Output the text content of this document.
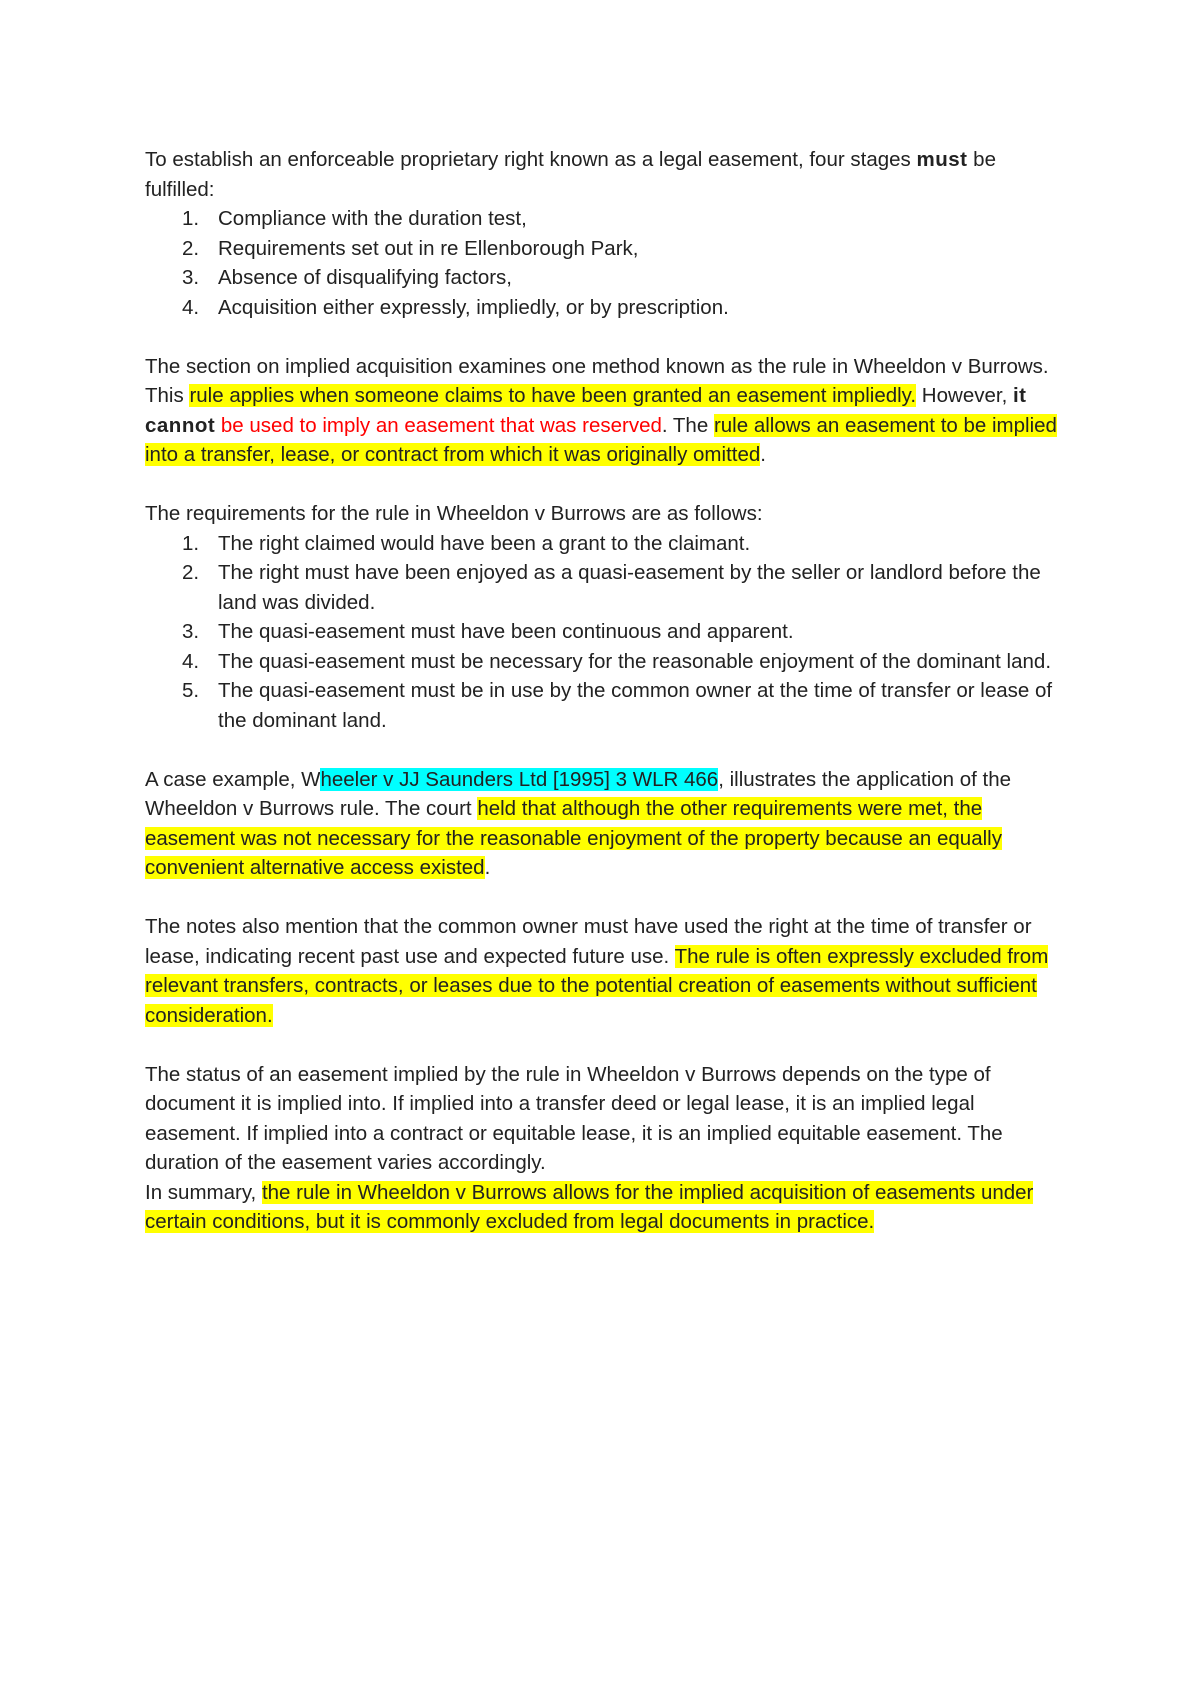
To establish an enforceable proprietary right known as a legal easement, four stages must be fulfilled:

1. Compliance with the duration test,
2. Requirements set out in re Ellenborough Park,
3. Absence of disqualifying factors,
4. Acquisition either expressly, impliedly, or by prescription.

The section on implied acquisition examines one method known as the rule in Wheeldon v Burrows. This rule applies when someone claims to have been granted an easement impliedly. However, it cannot be used to imply an easement that was reserved. The rule allows an easement to be implied into a transfer, lease, or contract from which it was originally omitted.

The requirements for the rule in Wheeldon v Burrows are as follows:

1. The right claimed would have been a grant to the claimant.
2. The right must have been enjoyed as a quasi-easement by the seller or landlord before the land was divided.
3. The quasi-easement must have been continuous and apparent.
4. The quasi-easement must be necessary for the reasonable enjoyment of the dominant land.
5. The quasi-easement must be in use by the common owner at the time of transfer or lease of the dominant land.

A case example, Wheeler v JJ Saunders Ltd [1995] 3 WLR 466, illustrates the application of the Wheeldon v Burrows rule. The court held that although the other requirements were met, the easement was not necessary for the reasonable enjoyment of the property because an equally convenient alternative access existed.

The notes also mention that the common owner must have used the right at the time of transfer or lease, indicating recent past use and expected future use. The rule is often expressly excluded from relevant transfers, contracts, or leases due to the potential creation of easements without sufficient consideration.

The status of an easement implied by the rule in Wheeldon v Burrows depends on the type of document it is implied into. If implied into a transfer deed or legal lease, it is an implied legal easement. If implied into a contract or equitable lease, it is an implied equitable easement. The duration of the easement varies accordingly.

In summary, the rule in Wheeldon v Burrows allows for the implied acquisition of easements under certain conditions, but it is commonly excluded from legal documents in practice.
